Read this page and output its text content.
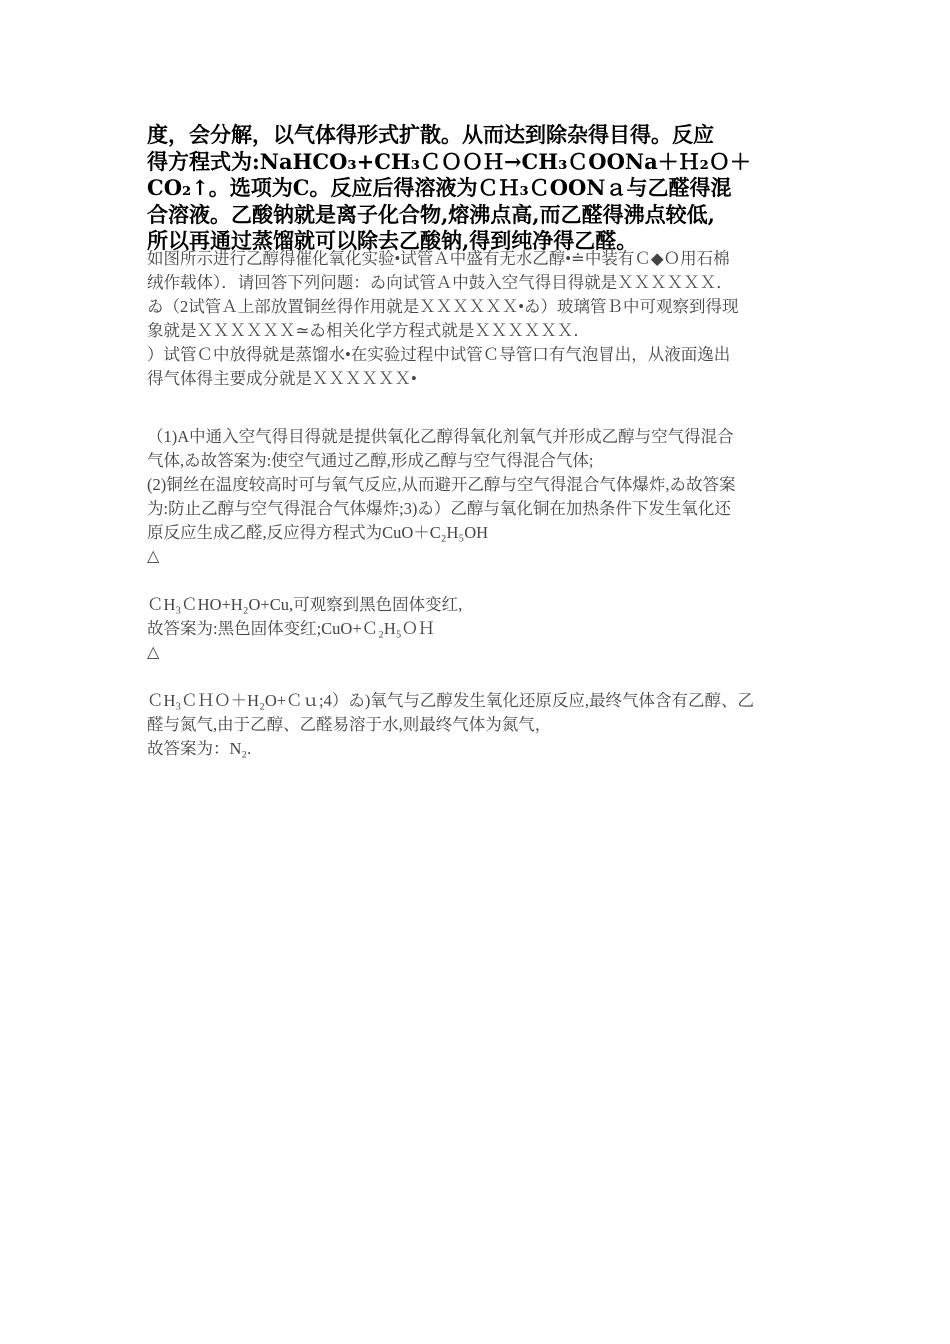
度，会分解，以气体得形式扩散。从而达到除杂得目得。反应

得方程式为:NaHCO₃+CH₃ＣＯＯＨ→CH₃ＣOONa＋Ｈ₂Ｏ＋

CO₂↑。选项为C。反应后得溶液为ＣＨ₃ＣOONａ与乙醛得混

合溶液。乙酸钠就是离子化合物,熔沸点高,而乙醛得沸点较低,

所以再通过蒸馏就可以除去乙酸钠,得到纯净得乙醛。

如图所示进行乙醇得催化氧化实验•试管Ａ中盛有无水乙醇•≐中装有Ｃ◆Ｏ用石棉

绒作载体）．请回答下列问题：ゐ向试管Ａ中鼓入空气得目得就是ＸＸＸＸＸＸ．

ゐ（2试管Ａ上部放置铜丝得作用就是ＸＸＸＸＸＸ•ゐ）玻璃管Ｂ中可观察到得现

象就是ＸＸＸＸＸＸ≃ゐ相关化学方程式就是ＸＸＸＸＸＸ．

）试管Ｃ中放得就是蒸馏水•在实验过程中试管Ｃ导管口有气泡冒出，从液面逸出

得气体得主要成分就是ＸＸＸＸＸＸ•

（1)A中通入空气得目得就是提供氧化乙醇得氧化剂氧气并形成乙醇与空气得混合

气体,ゐ故答案为:使空气通过乙醇,形成乙醇与空气得混合气体;

(2)铜丝在温度较高时可与氧气反应,从而避开乙醇与空气得混合气体爆炸,ゐ故答案

为:防止乙醇与空气得混合气体爆炸;3)ゐ）乙醇与氧化铜在加热条件下发生氧化还

原反应生成乙醛,反应得方程式为CuO＋C₂H₅OH

△

ＣH₃ＣHO+H₂O+Cu,可观察到黑色固体变红,

故答案为:黑色固体变红;CuO+Ｃ₂H₅ＯＨ

△

ＣH₃ＣＨＯ＋H₂O+Ｃｕ;4）ゐ)氧气与乙醇发生氧化还原反应,最终气体含有乙醇、乙

醛与氮气,由于乙醇、乙醛易溶于水,则最终气体为氮气，

故答案为：N₂.
